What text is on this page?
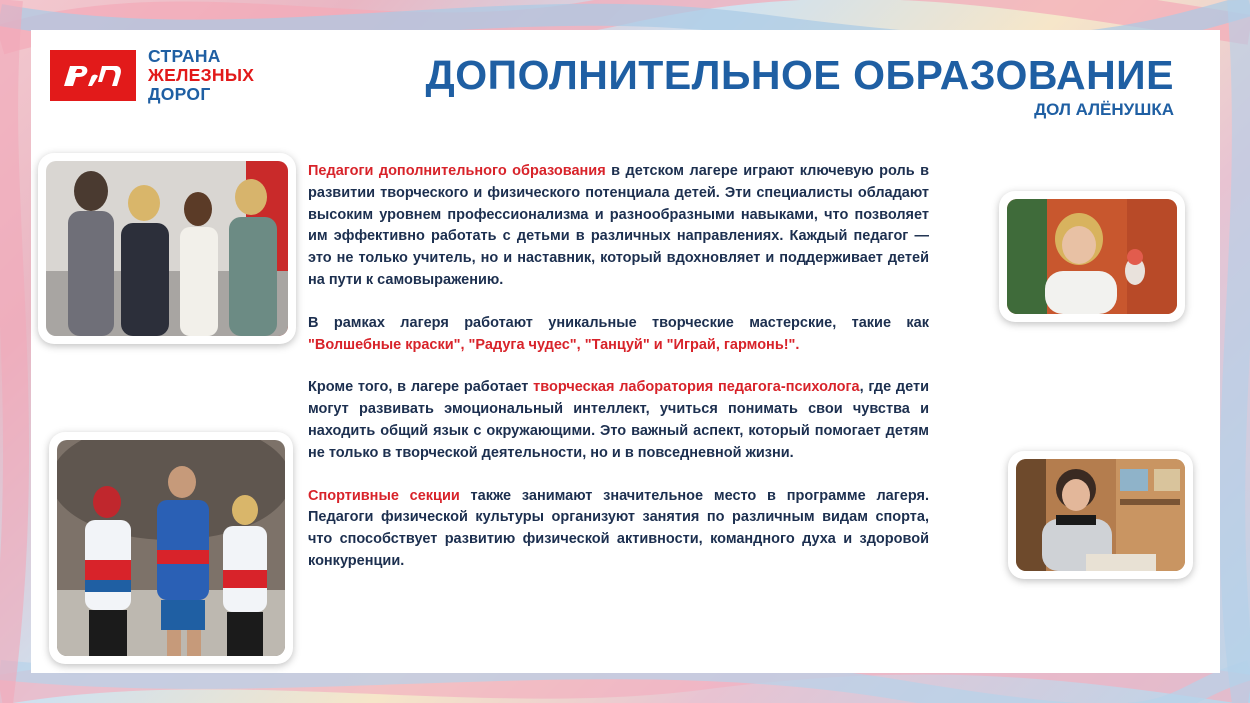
СТРАНА
ЖЕЛЕЗНЫХ
ДОРОГ	ДОПОЛНИТЕЛЬНОЕ ОБРАЗОВАНИЕ
ДОЛ АЛЁНУШКА

Педагоги дополнительного образования в детском лагере играют ключевую роль в развитии творческого и физического потенциала детей. Эти специалисты обладают высоким уровнем профессионализма и разнообразными навыками, что позволяет им эффективно работать с детьми в различных направлениях. Каждый педагог — это не только учитель, но и наставник, который вдохновляет и поддерживает детей на пути к самовыражению.

В рамках лагеря работают уникальные творческие мастерские, такие как "Волшебные краски", "Радуга чудес", "Танцуй" и "Играй, гармонь!".

Кроме того, в лагере работает творческая лаборатория педагога-психолога, где дети могут развивать эмоциональный интеллект, учиться понимать свои чувства и находить общий язык с окружающими. Это важный аспект, который помогает детям не только в творческой деятельности, но и в повседневной жизни.

Спортивные секции также занимают значительное место в программе лагеря. Педагоги физической культуры организуют занятия по различным видам спорта, что способствует развитию физической активности, командного духа и здоровой конкуренции.
